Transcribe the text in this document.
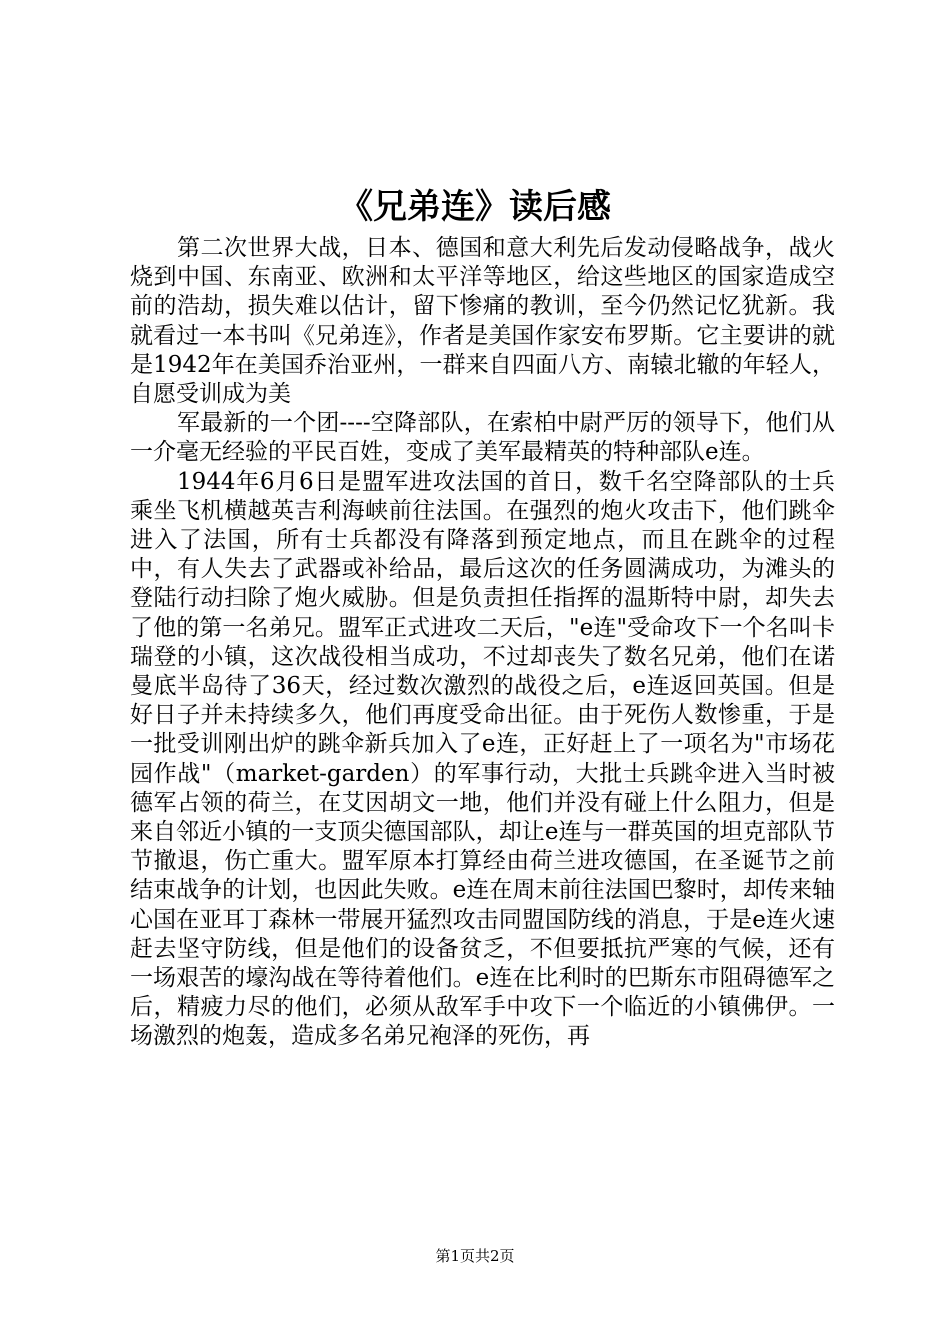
《兄弟连》读后感

第二次世界大战，日本、德国和意大利先后发动侵略战争，战火烧到中国、东南亚、欧洲和太平洋等地区，给这些地区的国家造成空前的浩劫，损失难以估计，留下惨痛的教训，至今仍然记忆犹新。我就看过一本书叫《兄弟连》，作者是美国作家安布罗斯。它主要讲的就是1942年在美国乔治亚州，一群来自四面八方、南辕北辙的年轻人，自愿受训成为美

军最新的一个团----空降部队，在索柏中尉严厉的领导下，他们从一介毫无经验的平民百姓，变成了美军最精英的特种部队e连。

1944年6月6日是盟军进攻法国的首日，数千名空降部队的士兵乘坐飞机横越英吉利海峡前往法国。在强烈的炮火攻击下，他们跳伞进入了法国，所有士兵都没有降落到预定地点，而且在跳伞的过程中，有人失去了武器或补给品，最后这次的任务圆满成功，为滩头的登陆行动扫除了炮火威胁。但是负责担任指挥的温斯特中尉，却失去了他的第一名弟兄。盟军正式进攻二天后，"e连"受命攻下一个名叫卡瑞登的小镇，这次战役相当成功，不过却丧失了数名兄弟，他们在诺曼底半岛待了36天，经过数次激烈的战役之后，e连返回英国。但是好日子并未持续多久，他们再度受命出征。由于死伤人数惨重，于是一批受训刚出炉的跳伞新兵加入了e连，正好赶上了一项名为"市场花园作战"（market-garden）的军事行动，大批士兵跳伞进入当时被德军占领的荷兰，在艾因胡文一地，他们并没有碰上什么阻力，但是来自邻近小镇的一支顶尖德国部队，却让e连与一群英国的坦克部队节节撤退，伤亡重大。盟军原本打算经由荷兰进攻德国，在圣诞节之前结束战争的计划，也因此失败。e连在周末前往法国巴黎时，却传来轴心国在亚耳丁森林一带展开猛烈攻击同盟国防线的消息，于是e连火速赶去坚守防线，但是他们的设备贫乏，不但要抵抗严寒的气候，还有一场艰苦的壕沟战在等待着他们。e连在比利时的巴斯东市阻碍德军之后，精疲力尽的他们，必须从敌军手中攻下一个临近的小镇佛伊。一场激烈的炮轰，造成多名弟兄袍泽的死伤，再

第1页共2页
